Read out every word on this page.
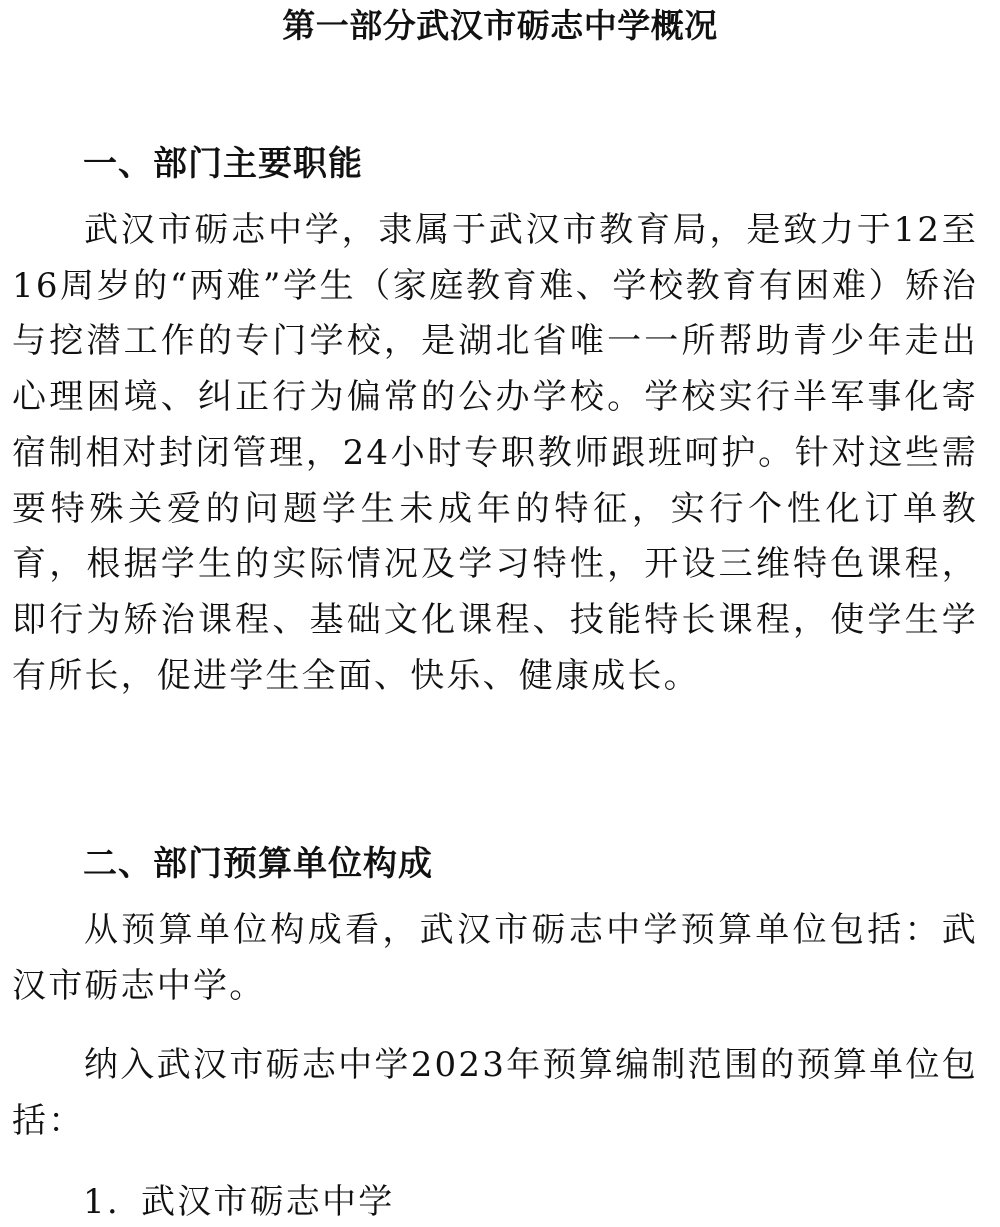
第一部分武汉市砺志中学概况
一、部门主要职能

武汉市砺志中学，隶属于武汉市教育局，是致力于12至16周岁的“两难”学生（家庭教育难、学校教育有困难）矫治与挖潜工作的专门学校，是湖北省唯一一所帮助青少年走出心理困境、纠正行为偏常的公办学校。学校实行半军事化寄宿制相对封闭管理，24小时专职教师跟班呵护。针对这些需要特殊关爱的问题学生未成年的特征，实行个性化订单教育，根据学生的实际情况及学习特性，开设三维特色课程，即行为矫治课程、基础文化课程、技能特长课程，使学生学有所长，促进学生全面、快乐、健康成长。

二、部门预算单位构成

从预算单位构成看，武汉市砺志中学预算单位包括：武汉市砺志中学。

纳入武汉市砺志中学2023年预算编制范围的预算单位包括：

1. 武汉市砺志中学
